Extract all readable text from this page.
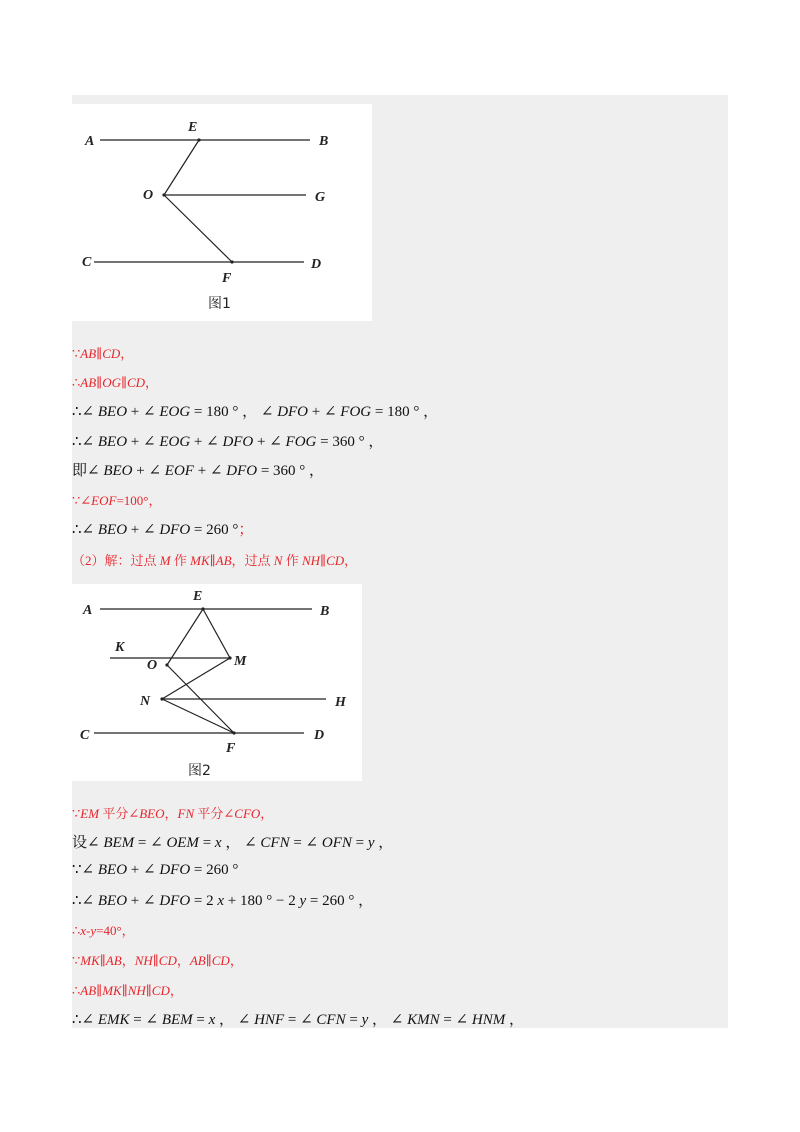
A	B
E
O	G
C	D
F
图1
∵AB∥CD，
∴AB∥OG∥CD，
∴∠ BEO + ∠ EOG = 180 ° ， ∠ DFO + ∠ FOG = 180 ° ，
∴∠ BEO + ∠ EOG + ∠ DFO + ∠ FOG = 360 ° ，
即∠ BEO + ∠ EOF + ∠ DFO = 360 ° ，
∵∠EOF=100°，
∴∠ BEO + ∠ DFO = 260 °；
（2）解：过点 M 作 MK∥AB，过点 N 作 NH∥CD，
A	B
E
K
O	M
N	H
C	D
F
图2
∵EM 平分∠BEO，FN 平分∠CFO，
设∠ BEM = ∠ OEM = x ， ∠ CFN = ∠ OFN = y ，
∵∠ BEO + ∠ DFO = 260 °
∴∠ BEO + ∠ DFO = 2 x + 180 ° − 2 y = 260 ° ，
∴x-y=40°，
∵MK∥AB，NH∥CD，AB∥CD，
∴AB∥MK∥NH∥CD，
∴∠ EMK = ∠ BEM = x ， ∠ HNF = ∠ CFN = y ， ∠ KMN = ∠ HNM ，
